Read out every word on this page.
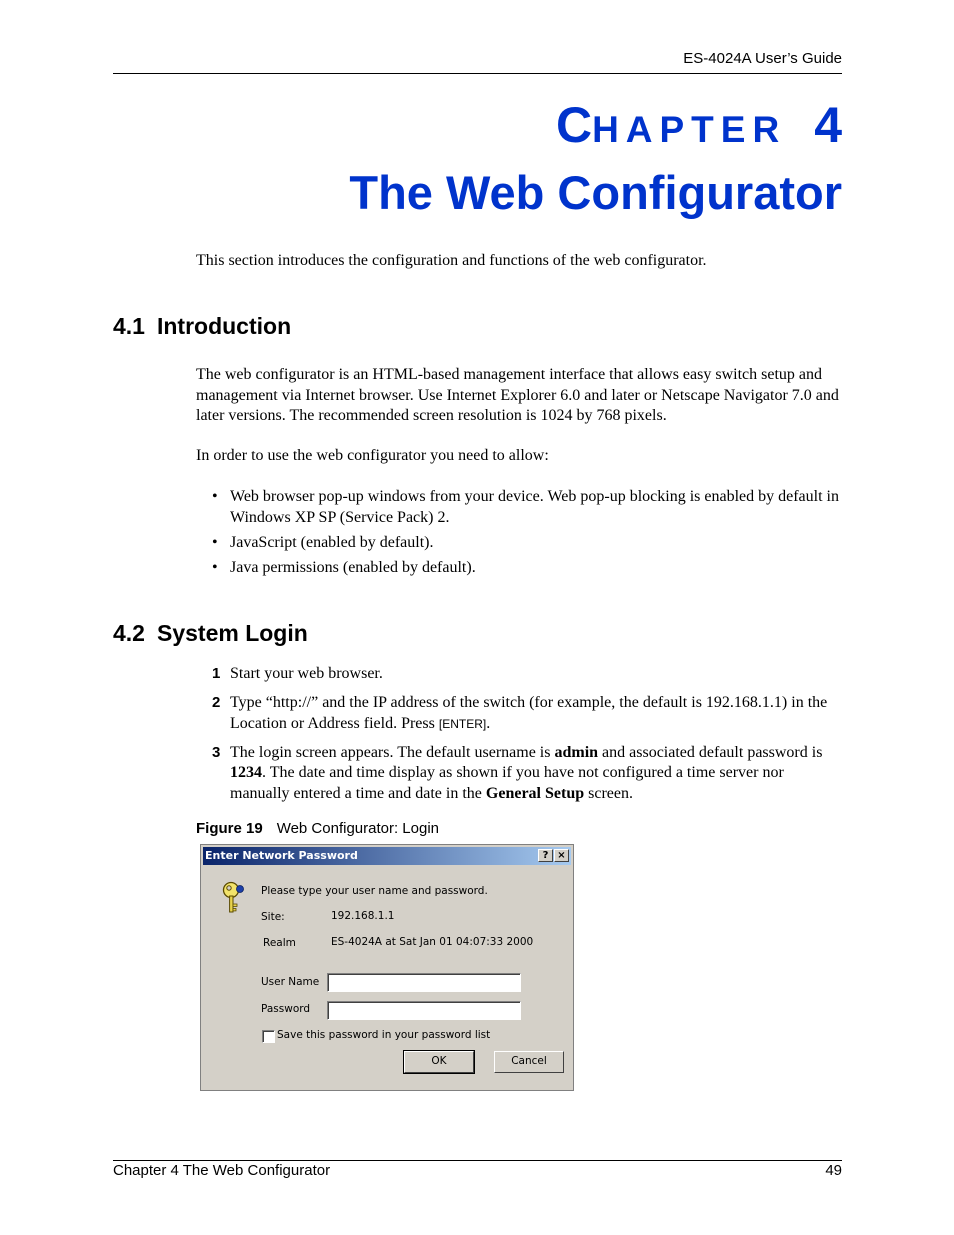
ES-4024A User’s Guide
CHAPTER 4
The Web Configurator

This section introduces the configuration and functions of the web configurator.

4.1 Introduction

The web configurator is an HTML-based management interface that allows easy switch setup and management via Internet browser. Use Internet Explorer 6.0 and later or Netscape Navigator 7.0 and later versions. The recommended screen resolution is 1024 by 768 pixels.

In order to use the web configurator you need to allow:

• Web browser pop-up windows from your device. Web pop-up blocking is enabled by default in Windows XP SP (Service Pack) 2.
• JavaScript (enabled by default).
• Java permissions (enabled by default).
4.2 System Login
1 Start your web browser.
2 Type “http://” and the IP address of the switch (for example, the default is 192.168.1.1) in the Location or Address field. Press [ENTER].
3 The login screen appears. The default username is admin and associated default password is 1234. The date and time display as shown if you have not configured a time server nor manually entered a time and date in the General Setup screen.
Figure 19 Web Configurator: Login
Enter Network Password	? ×
Please type your user name and password.
Site:	192.168.1.1
Realm	ES-4024A at Sat Jan 01 04:07:33 2000
User Name
Password
Save this password in your password list
OK	Cancel
Chapter 4 The Web Configurator	49
